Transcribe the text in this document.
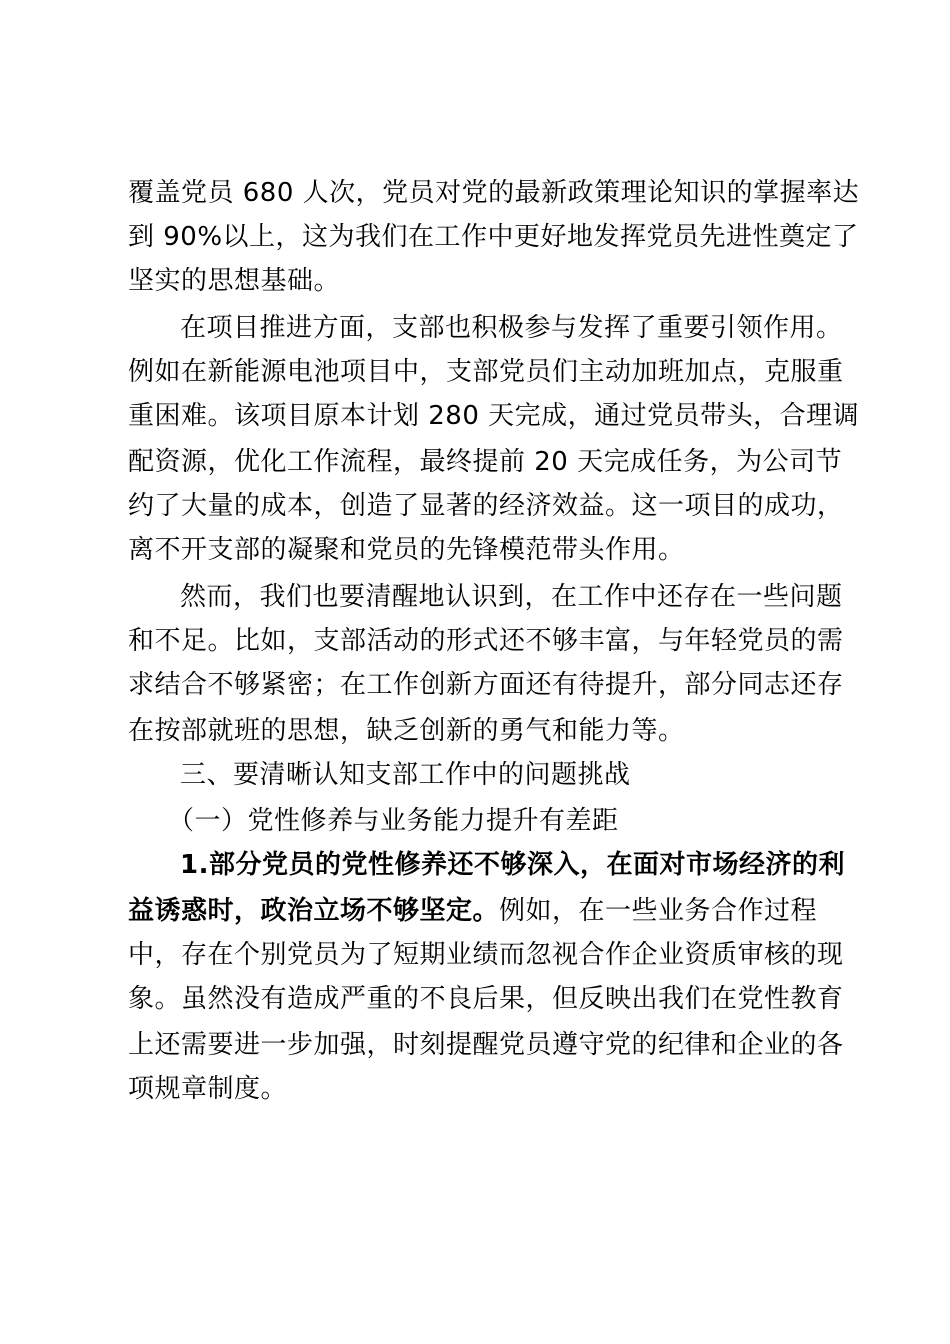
覆盖党员 680 人次，党员对党的最新政策理论知识的掌握率达
到 90%以上，这为我们在工作中更好地发挥党员先进性奠定了
坚实的思想基础。
在项目推进方面，支部也积极参与发挥了重要引领作用。
例如在新能源电池项目中，支部党员们主动加班加点，克服重
重困难。该项目原本计划 280 天完成，通过党员带头，合理调
配资源，优化工作流程，最终提前 20 天完成任务，为公司节
约了大量的成本，创造了显著的经济效益。这一项目的成功，
离不开支部的凝聚和党员的先锋模范带头作用。
然而，我们也要清醒地认识到，在工作中还存在一些问题
和不足。比如，支部活动的形式还不够丰富，与年轻党员的需
求结合不够紧密；在工作创新方面还有待提升，部分同志还存
在按部就班的思想，缺乏创新的勇气和能力等。
三、要清晰认知支部工作中的问题挑战
（一）党性修养与业务能力提升有差距
1.部分党员的党性修养还不够深入，在面对市场经济的利
益诱惑时，政治立场不够坚定。例如，在一些业务合作过程
中，存在个别党员为了短期业绩而忽视合作企业资质审核的现
象。虽然没有造成严重的不良后果，但反映出我们在党性教育
上还需要进一步加强，时刻提醒党员遵守党的纪律和企业的各
项规章制度。
